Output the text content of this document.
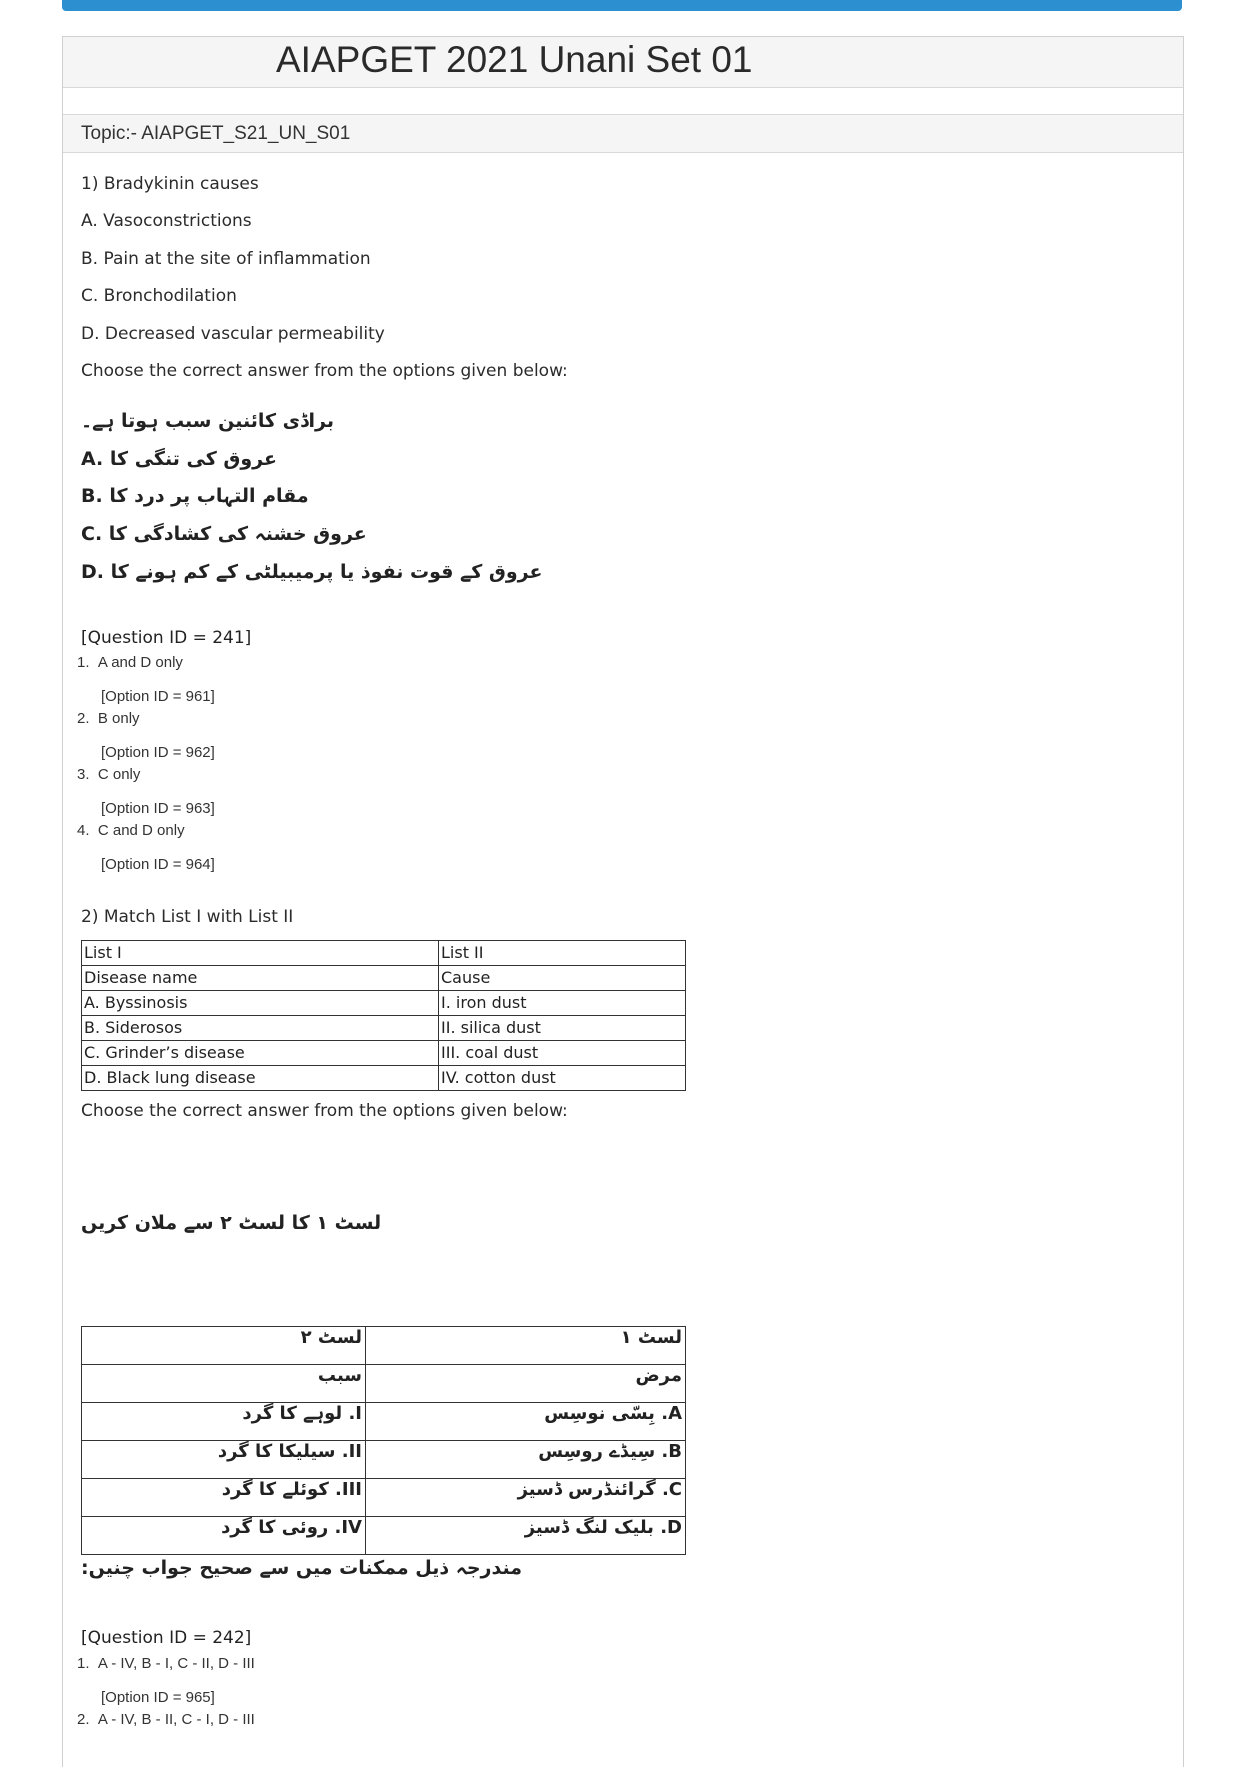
AIAPGET 2021 Unani Set 01
Topic:- AIAPGET_S21_UN_S01
1) Bradykinin causes
A. Vasoconstrictions
B. Pain at the site of inflammation
C. Bronchodilation
D. Decreased vascular permeability
Choose the correct answer from the options given below:
براڈی کائنین سبب ہوتا ہے۔
A. عروق کی تنگی کا
B. مقام التہاب پر درد کا
C. عروق خشنہ کی کشادگی کا
D. عروق کے قوت نفوذ یا پرمیبیلٹی کے کم ہونے کا
[Question ID = 241]
1. A and D only
[Option ID = 961]
2. B only
[Option ID = 962]
3. C only
[Option ID = 963]
4. C and D only
[Option ID = 964]
2) Match List I with List II
List I	List II
Disease name	Cause
A. Byssinosis	I. iron dust
B. Siderosos	II. silica dust
C. Grinder’s disease	III. coal dust
D. Black lung disease	IV. cotton dust
Choose the correct answer from the options given below:
لسٹ ۱ کا لسٹ ۲ سے ملان کریں
لسٹ ۲	لسٹ ۱
سبب	مرض
I. لوہے کا گرد	A. بِسّی نوسِس
II. سیلیکا کا گرد	B. سِیڈے روسِس
III. کوئلے کا گرد	C. گرائنڈرس ڈسیز
IV. روئی کا گرد	D. بلیک لنگ ڈسیز
مندرجہ ذیل ممکنات میں سے صحیح جواب چنیں:
[Question ID = 242]
1. A - IV, B - I, C - II, D - III
[Option ID = 965]
2. A - IV, B - II, C - I, D - III
